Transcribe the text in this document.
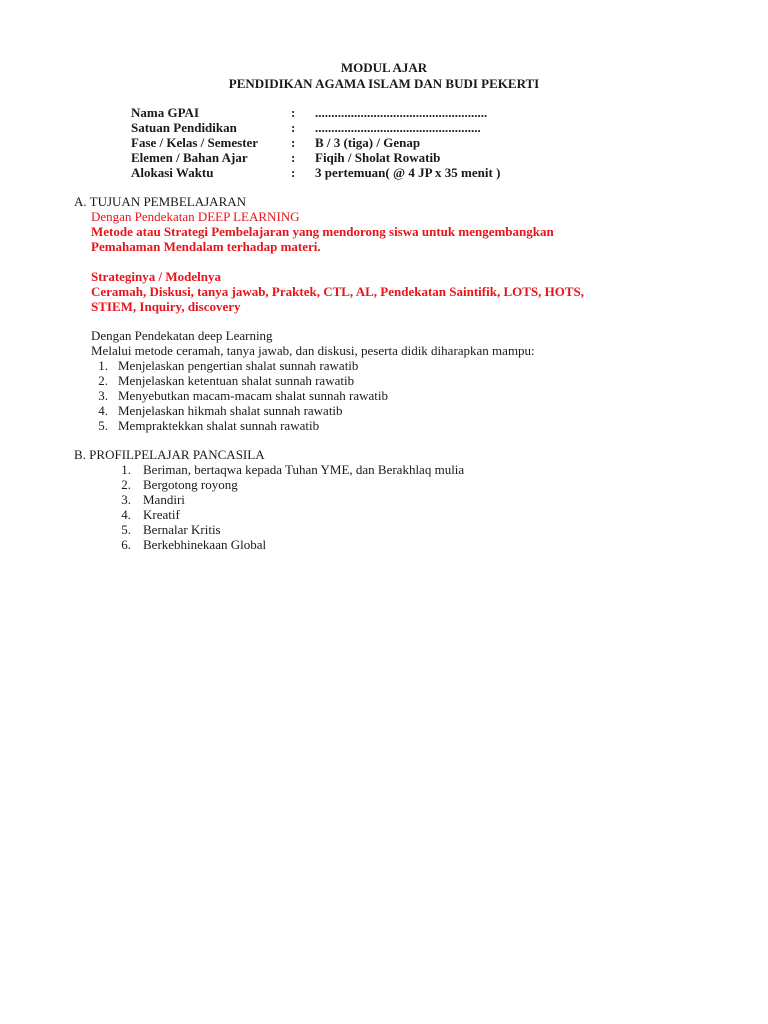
MODUL AJAR
PENDIDIKAN AGAMA ISLAM DAN BUDI PEKERTI
Nama GPAI	:	.....................................................
Satuan Pendidikan	:	...................................................
Fase / Kelas / Semester	:	B / 3 (tiga) / Genap
Elemen / Bahan Ajar	:	Fiqih / Sholat Rowatib
Alokasi Waktu	:	3 pertemuan( @ 4 JP x 35 menit )
A. TUJUAN PEMBELAJARAN
Dengan Pendekatan DEEP LEARNING
Metode atau Strategi Pembelajaran yang mendorong siswa untuk mengembangkan
Pemahaman Mendalam terhadap materi.
Strateginya / Modelnya
Ceramah, Diskusi, tanya jawab, Praktek, CTL, AL, Pendekatan Saintifik, LOTS, HOTS,
STIEM, Inquiry, discovery
Dengan Pendekatan deep Learning
Melalui metode ceramah, tanya jawab, dan diskusi, peserta didik diharapkan mampu:
1. Menjelaskan pengertian shalat sunnah rawatib
2. Menjelaskan ketentuan shalat sunnah rawatib
3. Menyebutkan macam-macam shalat sunnah rawatib
4. Menjelaskan hikmah shalat sunnah rawatib
5. Mempraktekkan shalat sunnah rawatib
B. PROFILPELAJAR PANCASILA
1. Beriman, bertaqwa kepada Tuhan YME, dan Berakhlaq mulia
2. Bergotong royong
3. Mandiri
4. Kreatif
5. Bernalar Kritis
6. Berkebhinekaan Global
